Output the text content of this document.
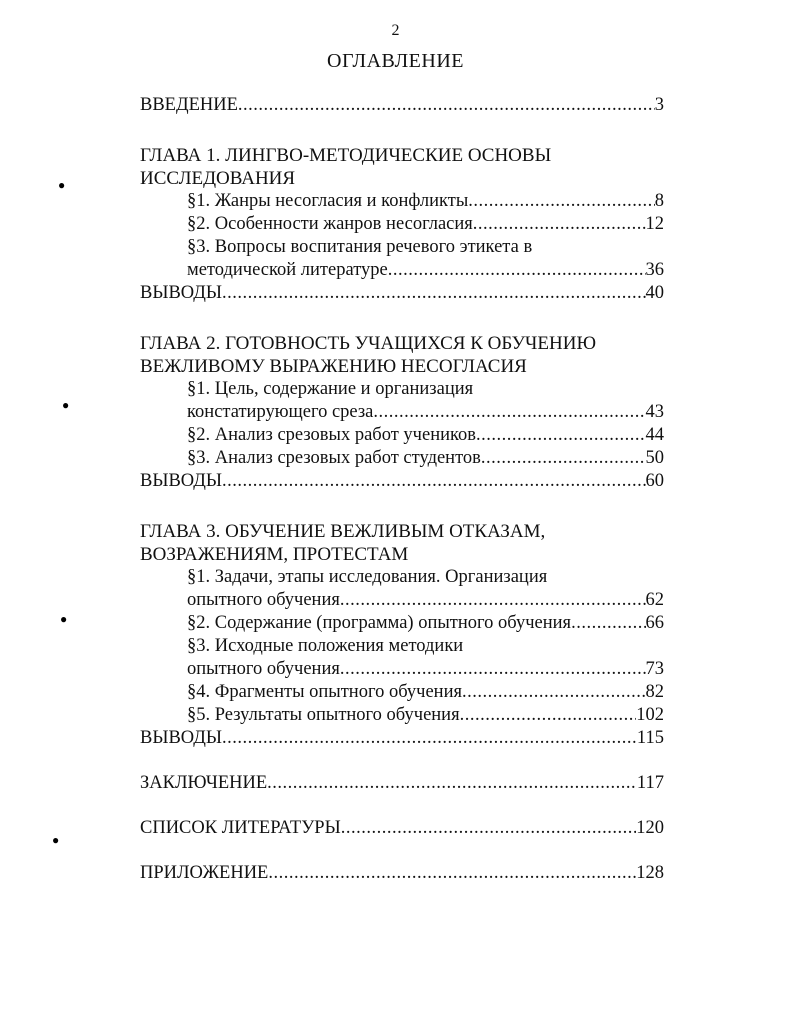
2
ОГЛАВЛЕНИЕ
ВВЕДЕНИЕ .....	3
ГЛАВА 1. ЛИНГВО-МЕТОДИЧЕСКИЕ ОСНОВЫ
ИССЛЕДОВАНИЯ
§1. Жанры несогласия и конфликты .....	8
§2. Особенности жанров несогласия .....	12
§3. Вопросы воспитания речевого этикета в
методической литературе .....	36
ВЫВОДЫ .....	40
ГЛАВА 2. ГОТОВНОСТЬ УЧАЩИХСЯ К ОБУЧЕНИЮ
ВЕЖЛИВОМУ ВЫРАЖЕНИЮ НЕСОГЛАСИЯ
§1. Цель, содержание и организация
констатирующего среза .....	43
§2. Анализ срезовых работ учеников .....	44
§3. Анализ срезовых работ студентов .....	50
ВЫВОДЫ .....	60
ГЛАВА 3. ОБУЧЕНИЕ ВЕЖЛИВЫМ ОТКАЗАМ,
ВОЗРАЖЕНИЯМ, ПРОТЕСТАМ
§1. Задачи, этапы исследования. Организация
опытного обучения .....	62
§2. Содержание (программа) опытного обучения .....	66
§3. Исходные положения методики
опытного обучения .....	73
§4. Фрагменты опытного обучения .....	82
§5. Результаты опытного обучения .....	102
ВЫВОДЫ .....	115
ЗАКЛЮЧЕНИЕ .....	117
СПИСОК ЛИТЕРАТУРЫ .....	120
ПРИЛОЖЕНИЕ .....	128
●
●
●
●
